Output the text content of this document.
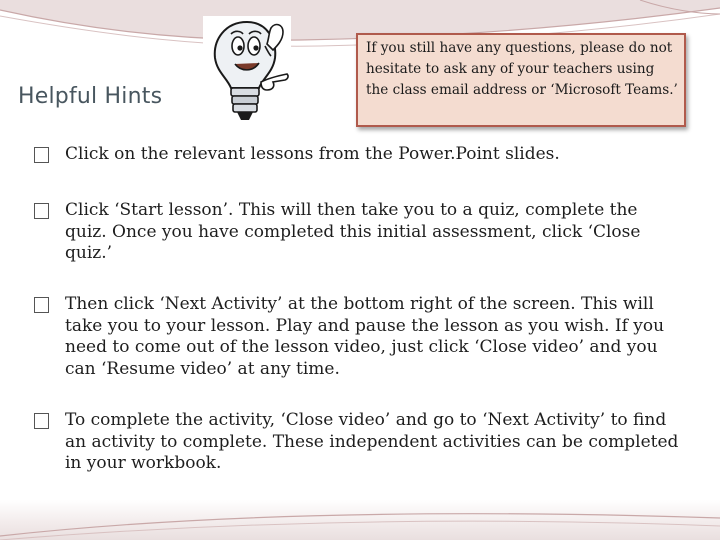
Helpful Hints
If you still have any questions, please do not hesitate to ask any of your teachers using the class email address or ‘Microsoft Teams.’
Click on the relevant lessons from the Power.Point slides.
Click ‘Start lesson’. This will then take you to a quiz, complete the quiz. Once you have completed this initial assessment, click ‘Close quiz.’
Then click ‘Next Activity’ at the bottom right of the screen. This will take you to your lesson. Play and pause the lesson as you wish. If you need to come out of the lesson video, just click ‘Close video’ and you can ‘Resume video’ at any time.
To complete the activity, ‘Close video’ and go to ‘Next Activity’ to find an activity to complete. These independent activities can be completed in your workbook.
